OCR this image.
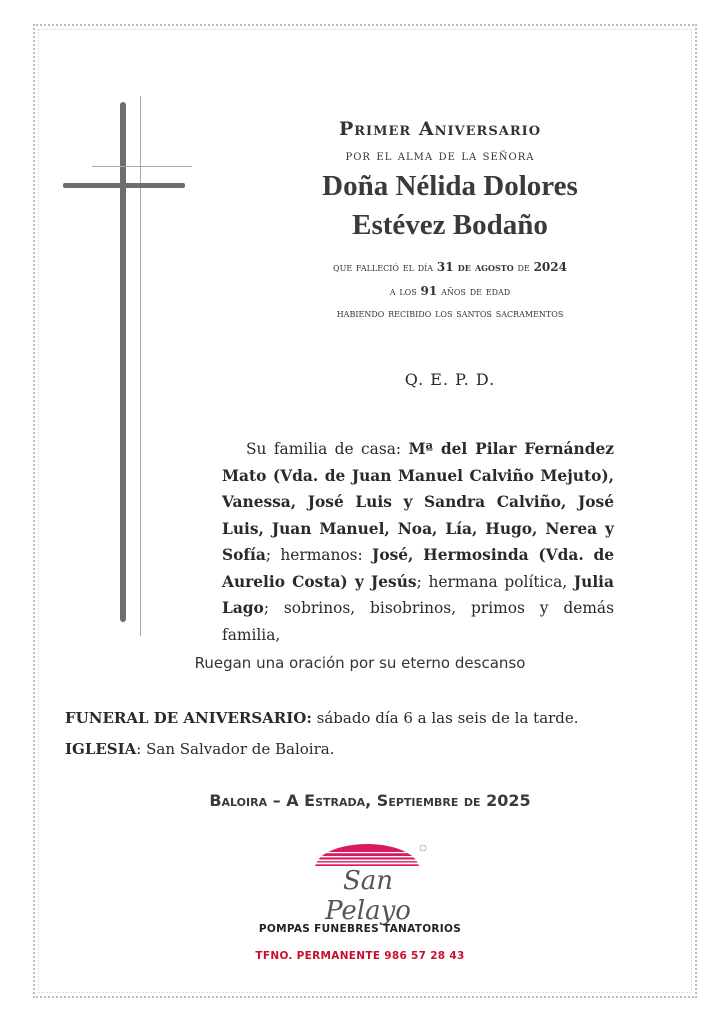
Primer Aniversario
por el alma de la señora
Doña Nélida Dolores
Estévez Bodaño
que falleció el día 31 de agosto de 2024
a los 91 años de edad
habiendo recibido los santos sacramentos
Q. E. P. D.
Su familia de casa: Mª del Pilar Fernández Mato (Vda. de Juan Manuel Calviño Mejuto), Vanessa, José Luis y Sandra Calviño, José Luis, Juan Manuel, Noa, Lía, Hugo, Nerea y Sofía; hermanos: José, Hermosinda (Vda. de Aurelio Costa) y Jesús; hermana política, Julia Lago; sobrinos, bisobrinos, primos y demás familia,
Ruegan una oración por su eterno descanso
FUNERAL DE ANIVERSARIO: sábado día 6 a las seis de la tarde.
IGLESIA: San Salvador de Baloira.
Baloira – A Estrada, Septiembre de 2025
San Pelayo
POMPAS FUNEBRES TANATORIOS
TFNO. PERMANENTE 986 57 28 43
